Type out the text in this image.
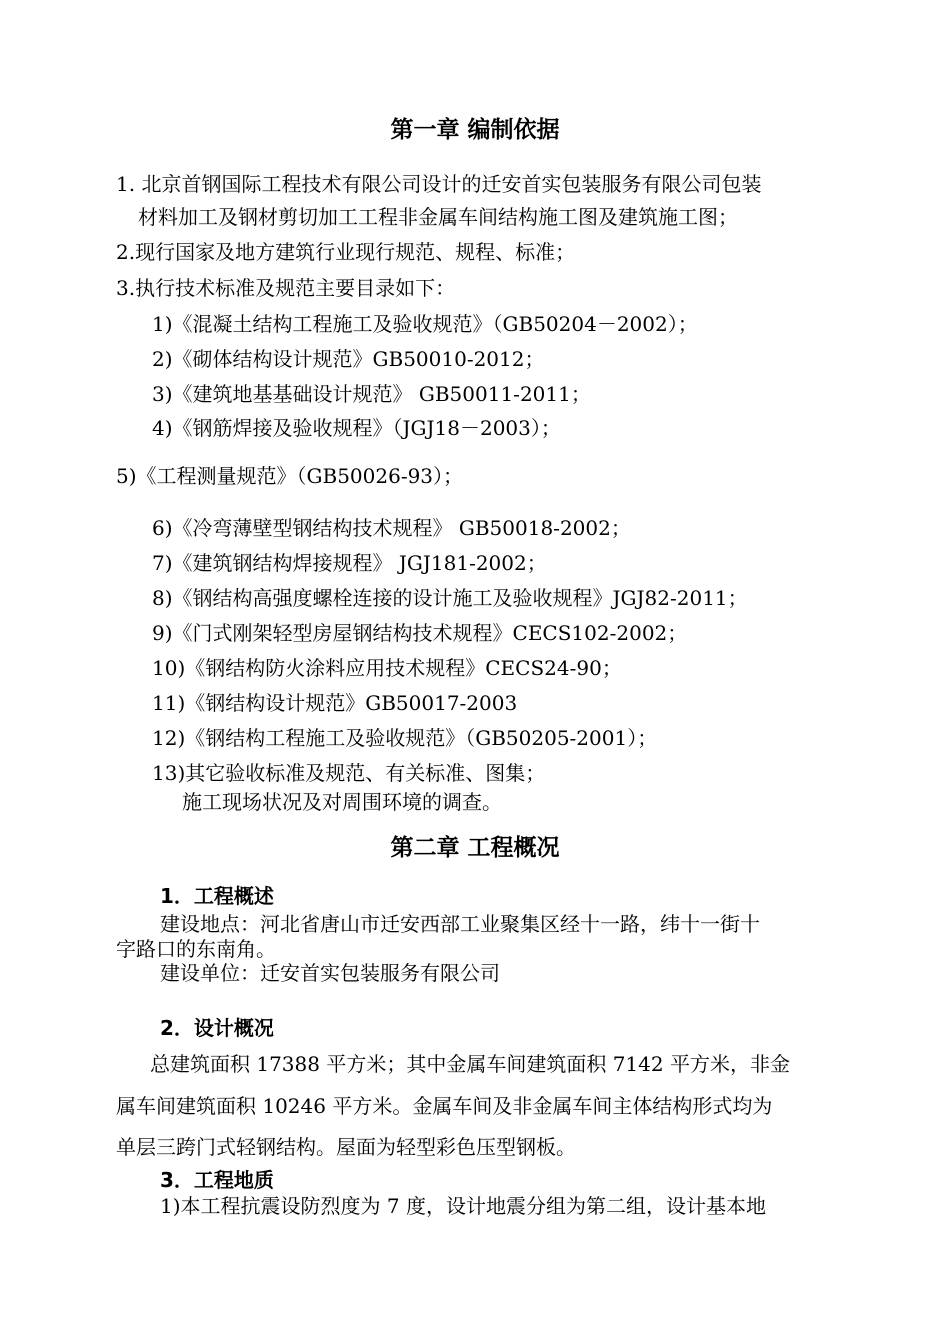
第一章 编制依据
1. 北京首钢国际工程技术有限公司设计的迁安首实包装服务有限公司包装
材料加工及钢材剪切加工工程非金属车间结构施工图及建筑施工图；
2.现行国家及地方建筑行业现行规范、规程、标准；
3.执行技术标准及规范主要目录如下：
1)《混凝土结构工程施工及验收规范》（GB50204－2002）；
2)《砌体结构设计规范》GB50010-2012；
3)《建筑地基基础设计规范》 GB50011-2011；
4)《钢筋焊接及验收规程》（JGJ18－2003）；
5)《工程测量规范》（GB50026-93）；
6)《冷弯薄壁型钢结构技术规程》 GB50018-2002；
7)《建筑钢结构焊接规程》 JGJ181-2002；
8)《钢结构高强度螺栓连接的设计施工及验收规程》JGJ82-2011；
9)《门式刚架轻型房屋钢结构技术规程》CECS102-2002；
10)《钢结构防火涂料应用技术规程》CECS24-90；
11)《钢结构设计规范》GB50017-2003
12)《钢结构工程施工及验收规范》（GB50205-2001）；
13)其它验收标准及规范、有关标准、图集；
施工现场状况及对周围环境的调查。
第二章 工程概况
1．工程概述
建设地点：河北省唐山市迁安西部工业聚集区经十一路，纬十一街十
字路口的东南角。
建设单位：迁安首实包装服务有限公司
2．设计概况
总建筑面积 17388 平方米；其中金属车间建筑面积 7142 平方米，非金
属车间建筑面积 10246 平方米。金属车间及非金属车间主体结构形式均为
单层三跨门式轻钢结构。屋面为轻型彩色压型钢板。
3．工程地质
1)本工程抗震设防烈度为 7 度，设计地震分组为第二组，设计基本地
